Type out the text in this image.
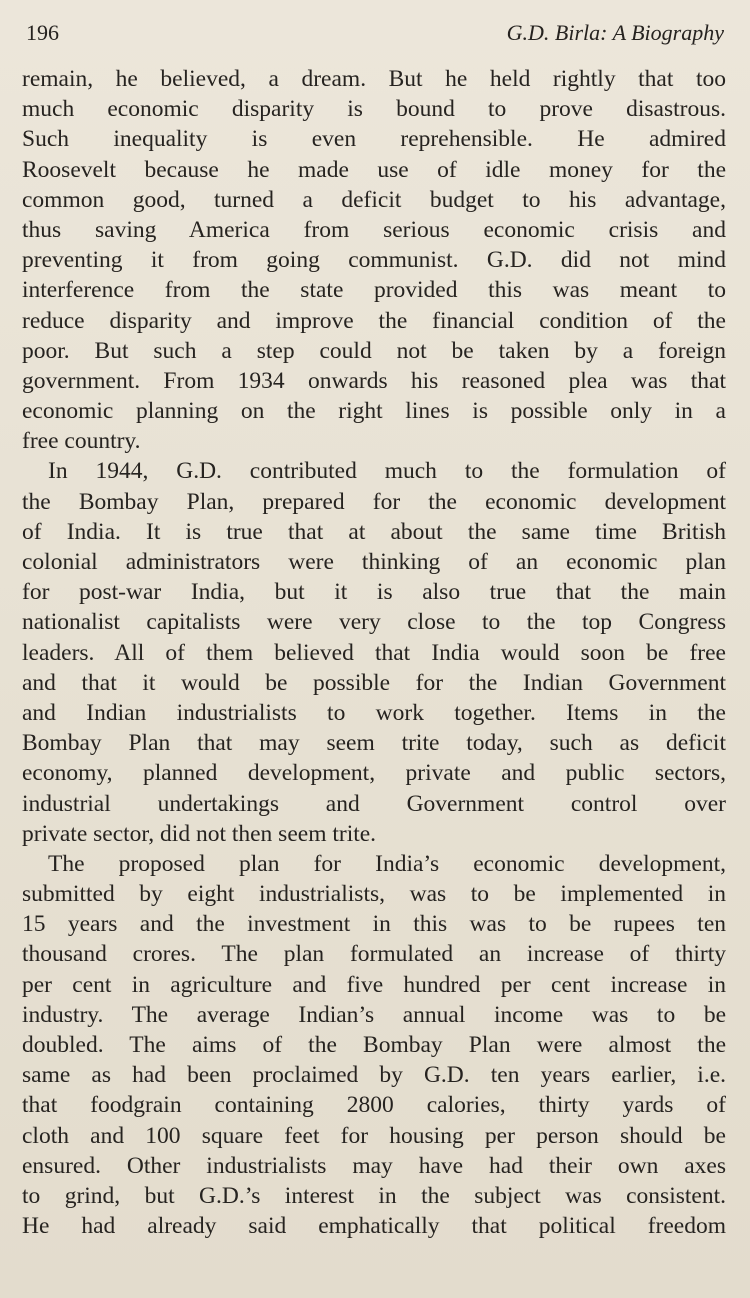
196	G.D. Birla: A Biography
remain, he believed, a dream. But he held rightly that too
much economic disparity is bound to prove disastrous.
Such inequality is even reprehensible. He admired
Roosevelt because he made use of idle money for the
common good, turned a deficit budget to his advantage,
thus saving America from serious economic crisis and
preventing it from going communist. G.D. did not mind
interference from the state provided this was meant to
reduce disparity and improve the financial condition of the
poor. But such a step could not be taken by a foreign
government. From 1934 onwards his reasoned plea was that
economic planning on the right lines is possible only in a
free country.
In 1944, G.D. contributed much to the formulation of
the Bombay Plan, prepared for the economic development
of India. It is true that at about the same time British
colonial administrators were thinking of an economic plan
for post-war India, but it is also true that the main
nationalist capitalists were very close to the top Congress
leaders. All of them believed that India would soon be free
and that it would be possible for the Indian Government
and Indian industrialists to work together. Items in the
Bombay Plan that may seem trite today, such as deficit
economy, planned development, private and public sectors,
industrial undertakings and Government control over
private sector, did not then seem trite.
The proposed plan for India’s economic development,
submitted by eight industrialists, was to be implemented in
15 years and the investment in this was to be rupees ten
thousand crores. The plan formulated an increase of thirty
per cent in agriculture and five hundred per cent increase in
industry. The average Indian’s annual income was to be
doubled. The aims of the Bombay Plan were almost the
same as had been proclaimed by G.D. ten years earlier, i.e.
that foodgrain containing 2800 calories, thirty yards of
cloth and 100 square feet for housing per person should be
ensured. Other industrialists may have had their own axes
to grind, but G.D.’s interest in the subject was consistent.
He had already said emphatically that political freedom
